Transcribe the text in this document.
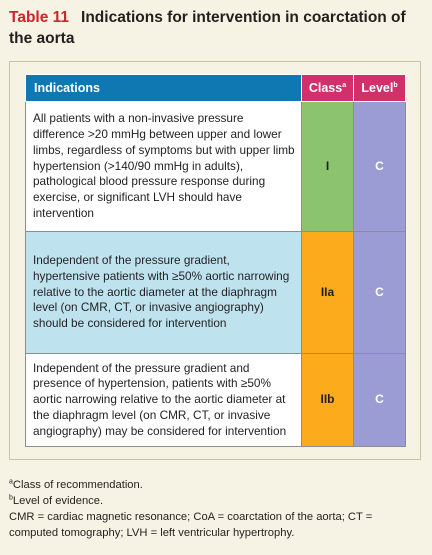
Table 11 Indications for intervention in coarctation of the aorta
Indications	Class$^a$	Level$^b$
All patients with a non-invasive pressure difference >20 mmHg between upper and lower limbs, regardless of symptoms but with upper limb hypertension (>140/90 mmHg in adults), pathological blood pressure response during exercise, or significant LVH should have intervention	I	C
Independent of the pressure gradient, hypertensive patients with ≥50% aortic narrowing relative to the aortic diameter at the diaphragm level (on CMR, CT, or invasive angiography) should be considered for intervention	IIa	C
Independent of the pressure gradient and presence of hypertension, patients with ≥50% aortic narrowing relative to the aortic diameter at the diaphragm level (on CMR, CT, or invasive angiography) may be considered for intervention	IIb	C

$^a$Class of recommendation.

$^b$Level of evidence.

CMR = cardiac magnetic resonance; CoA = coarctation of the aorta; CT = computed tomography; LVH = left ventricular hypertrophy.
